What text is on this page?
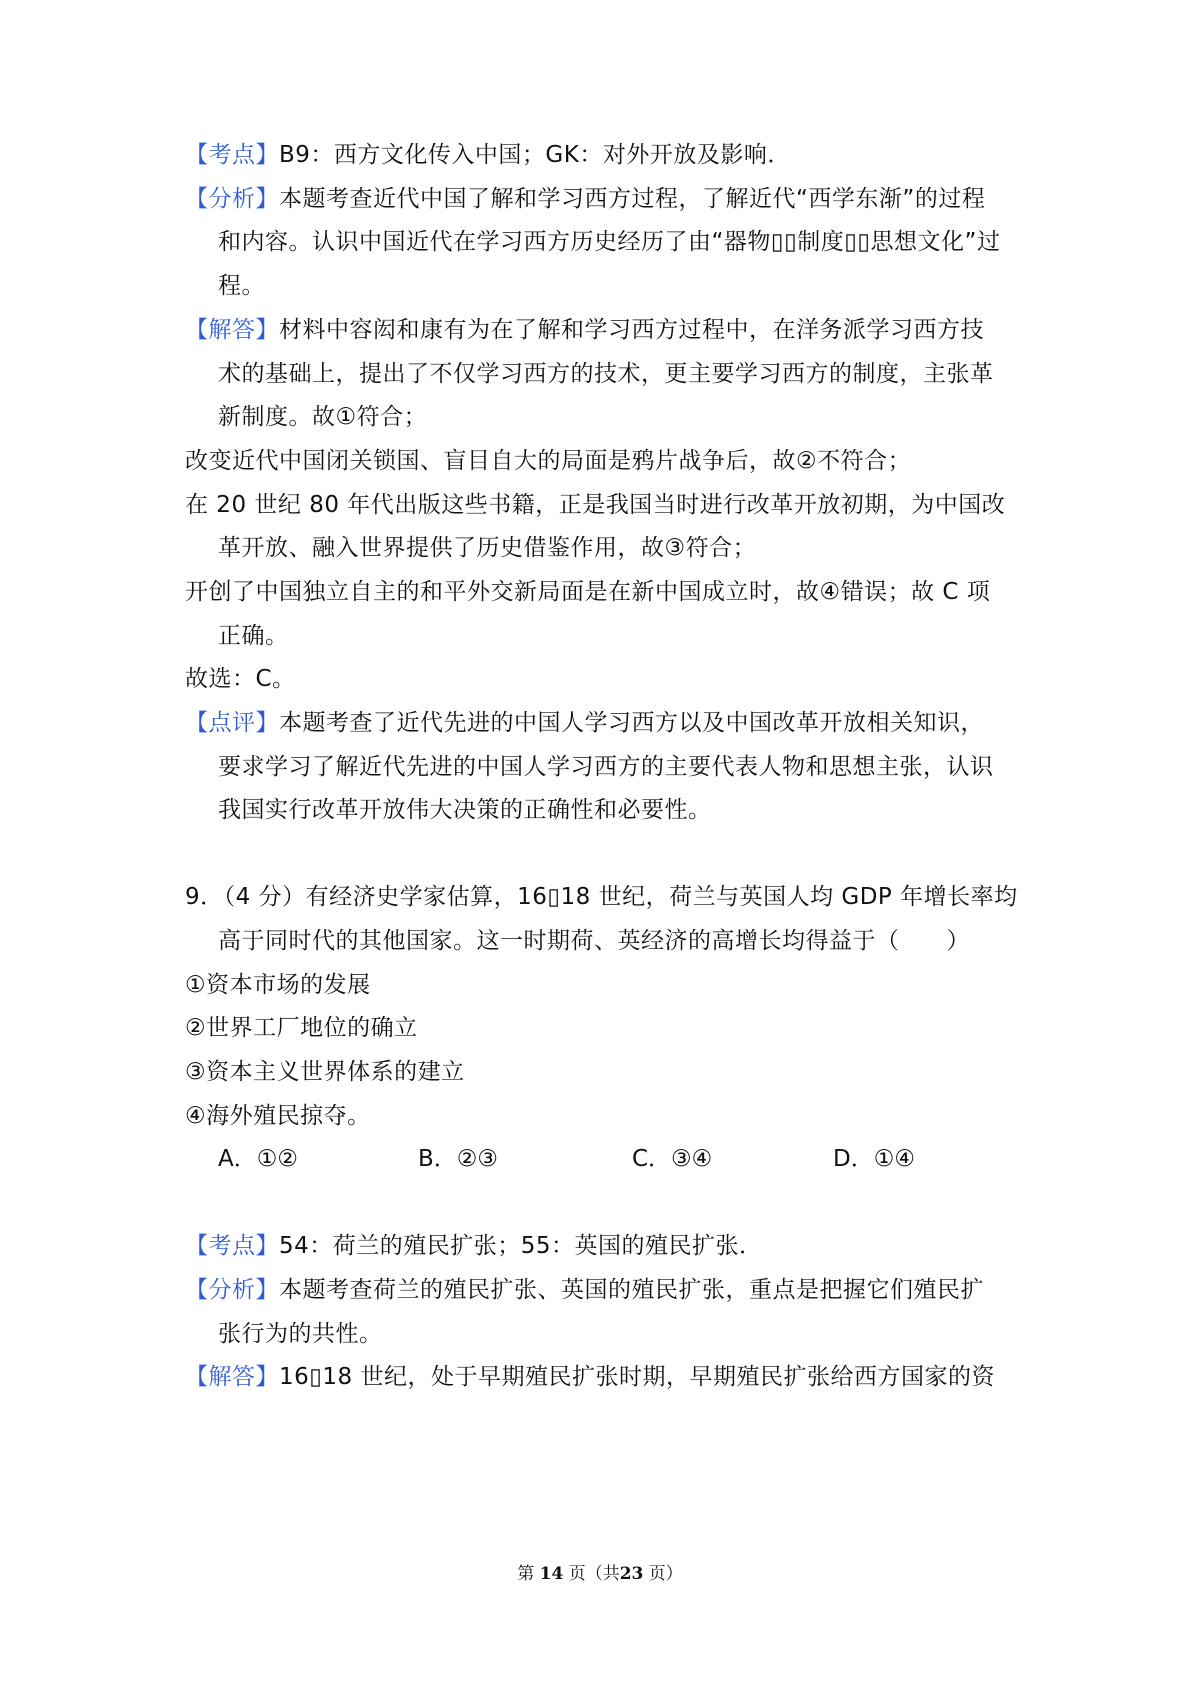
【考点】B9：西方文化传入中国；GK：对外开放及影响．
【分析】本题考查近代中国了解和学习西方过程，了解近代“西学东渐”的过程
和内容。认识中国近代在学习西方历史经历了由“器物▯▯制度▯▯思想文化”过
程。
【解答】材料中容闳和康有为在了解和学习西方过程中，在洋务派学习西方技
术的基础上，提出了不仅学习西方的技术，更主要学习西方的制度，主张革
新制度。故①符合；
改变近代中国闭关锁国、盲目自大的局面是鸦片战争后，故②不符合；
在 20 世纪 80 年代出版这些书籍，正是我国当时进行改革开放初期，为中国改
革开放、融入世界提供了历史借鉴作用，故③符合；
开创了中国独立自主的和平外交新局面是在新中国成立时，故④错误；故 C 项
正确。
故选：C。
【点评】本题考查了近代先进的中国人学习西方以及中国改革开放相关知识，
要求学习了解近代先进的中国人学习西方的主要代表人物和思想主张，认识
我国实行改革开放伟大决策的正确性和必要性。
9．（4 分）有经济史学家估算，16▯18 世纪，荷兰与英国人均 GDP 年增长率均
高于同时代的其他国家。这一时期荷、英经济的高增长均得益于（　　）
①资本市场的发展
②世界工厂地位的确立
③资本主义世界体系的建立
④海外殖民掠夺。
A．①②	B．②③	C．③④	D．①④
【考点】54：荷兰的殖民扩张；55：英国的殖民扩张．
【分析】本题考查荷兰的殖民扩张、英国的殖民扩张，重点是把握它们殖民扩
张行为的共性。
【解答】16▯18 世纪，处于早期殖民扩张时期，早期殖民扩张给西方国家的资
第 14 页（共23 页）
